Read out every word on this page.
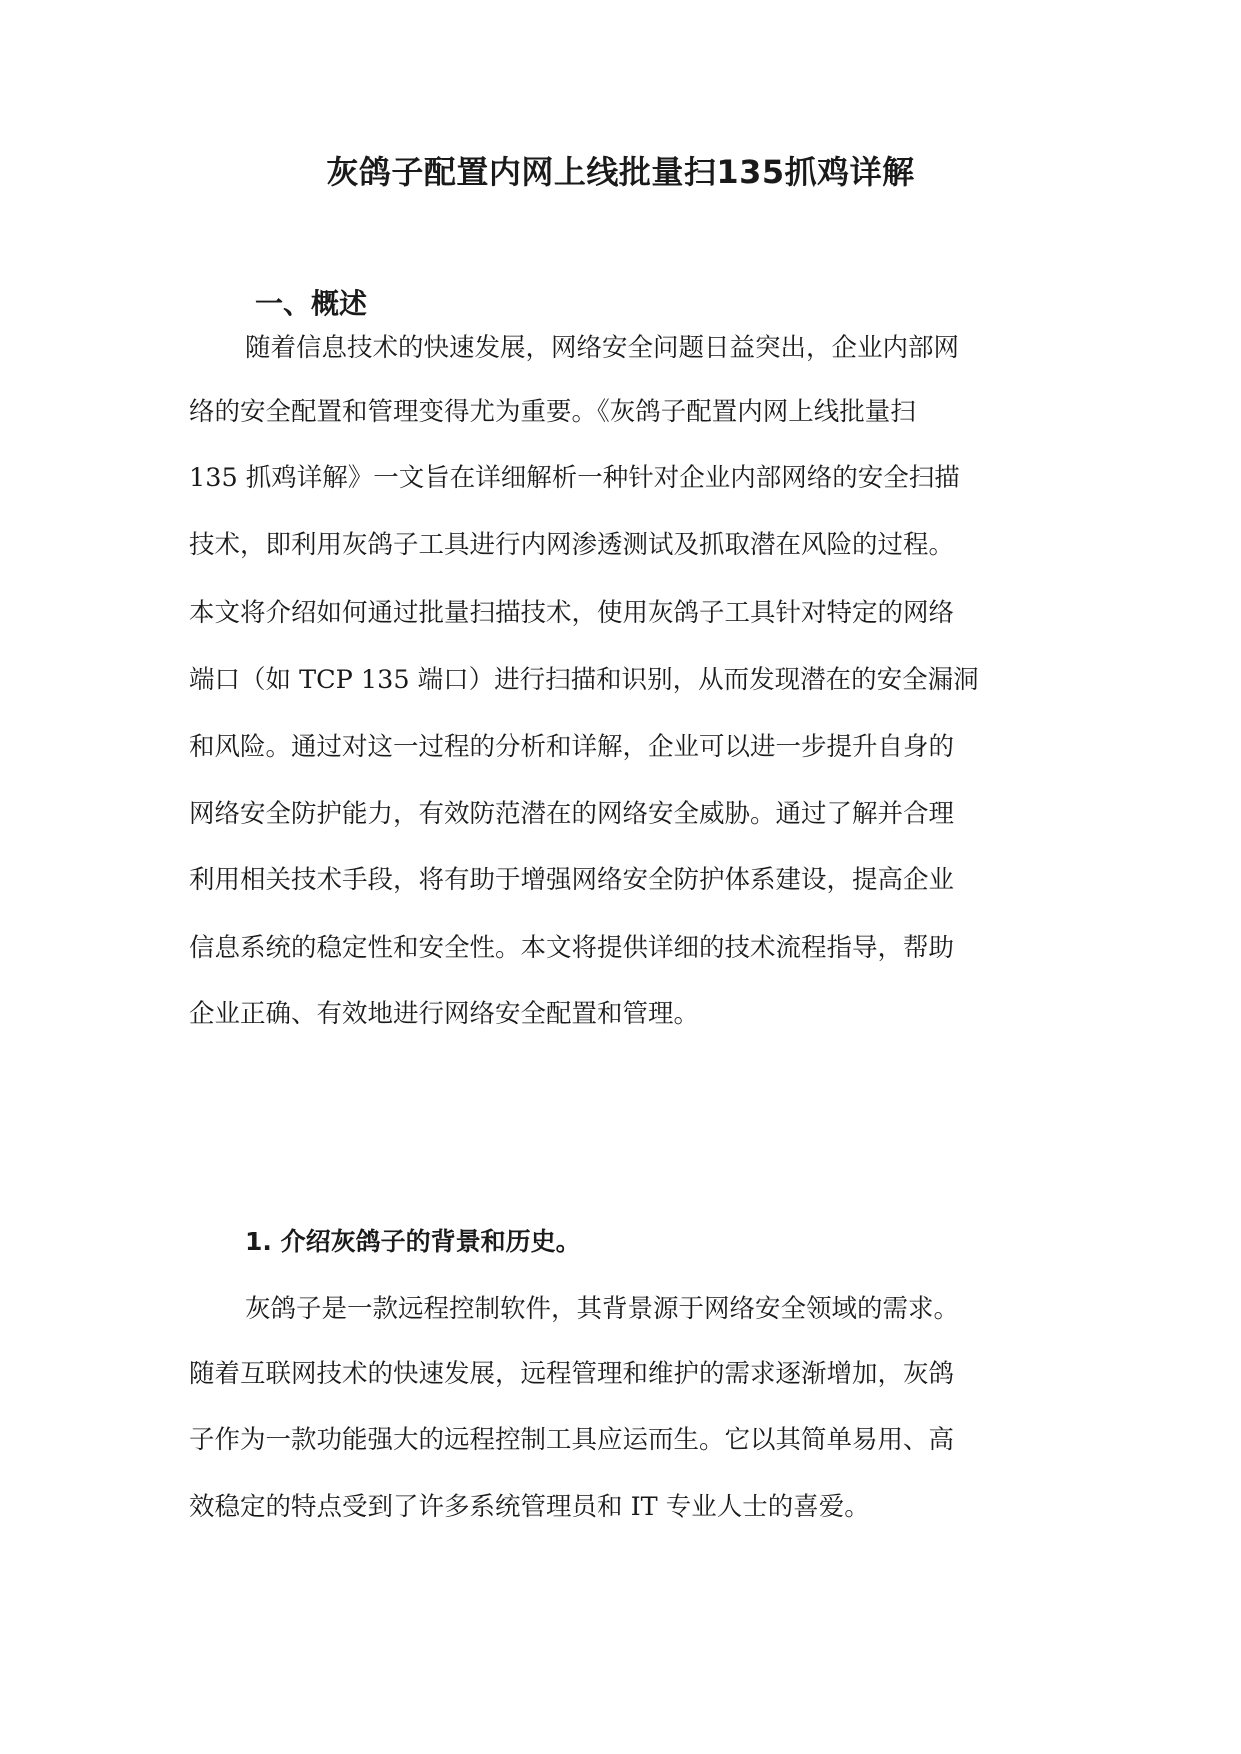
灰鸽子配置内网上线批量扫135抓鸡详解
一、概述

随着信息技术的快速发展，网络安全问题日益突出，企业内部网

络的安全配置和管理变得尤为重要。《灰鸽子配置内网上线批量扫

135 抓鸡详解》一文旨在详细解析一种针对企业内部网络的安全扫描

技术，即利用灰鸽子工具进行内网渗透测试及抓取潜在风险的过程。

本文将介绍如何通过批量扫描技术，使用灰鸽子工具针对特定的网络

端口（如 TCP 135 端口）进行扫描和识别，从而发现潜在的安全漏洞

和风险。通过对这一过程的分析和详解，企业可以进一步提升自身的

网络安全防护能力，有效防范潜在的网络安全威胁。通过了解并合理

利用相关技术手段，将有助于增强网络安全防护体系建设，提高企业

信息系统的稳定性和安全性。本文将提供详细的技术流程指导，帮助

企业正确、有效地进行网络安全配置和管理。

1. 介绍灰鸽子的背景和历史。

灰鸽子是一款远程控制软件，其背景源于网络安全领域的需求。

随着互联网技术的快速发展，远程管理和维护的需求逐渐增加，灰鸽

子作为一款功能强大的远程控制工具应运而生。它以其简单易用、高

效稳定的特点受到了许多系统管理员和 IT 专业人士的喜爱。
